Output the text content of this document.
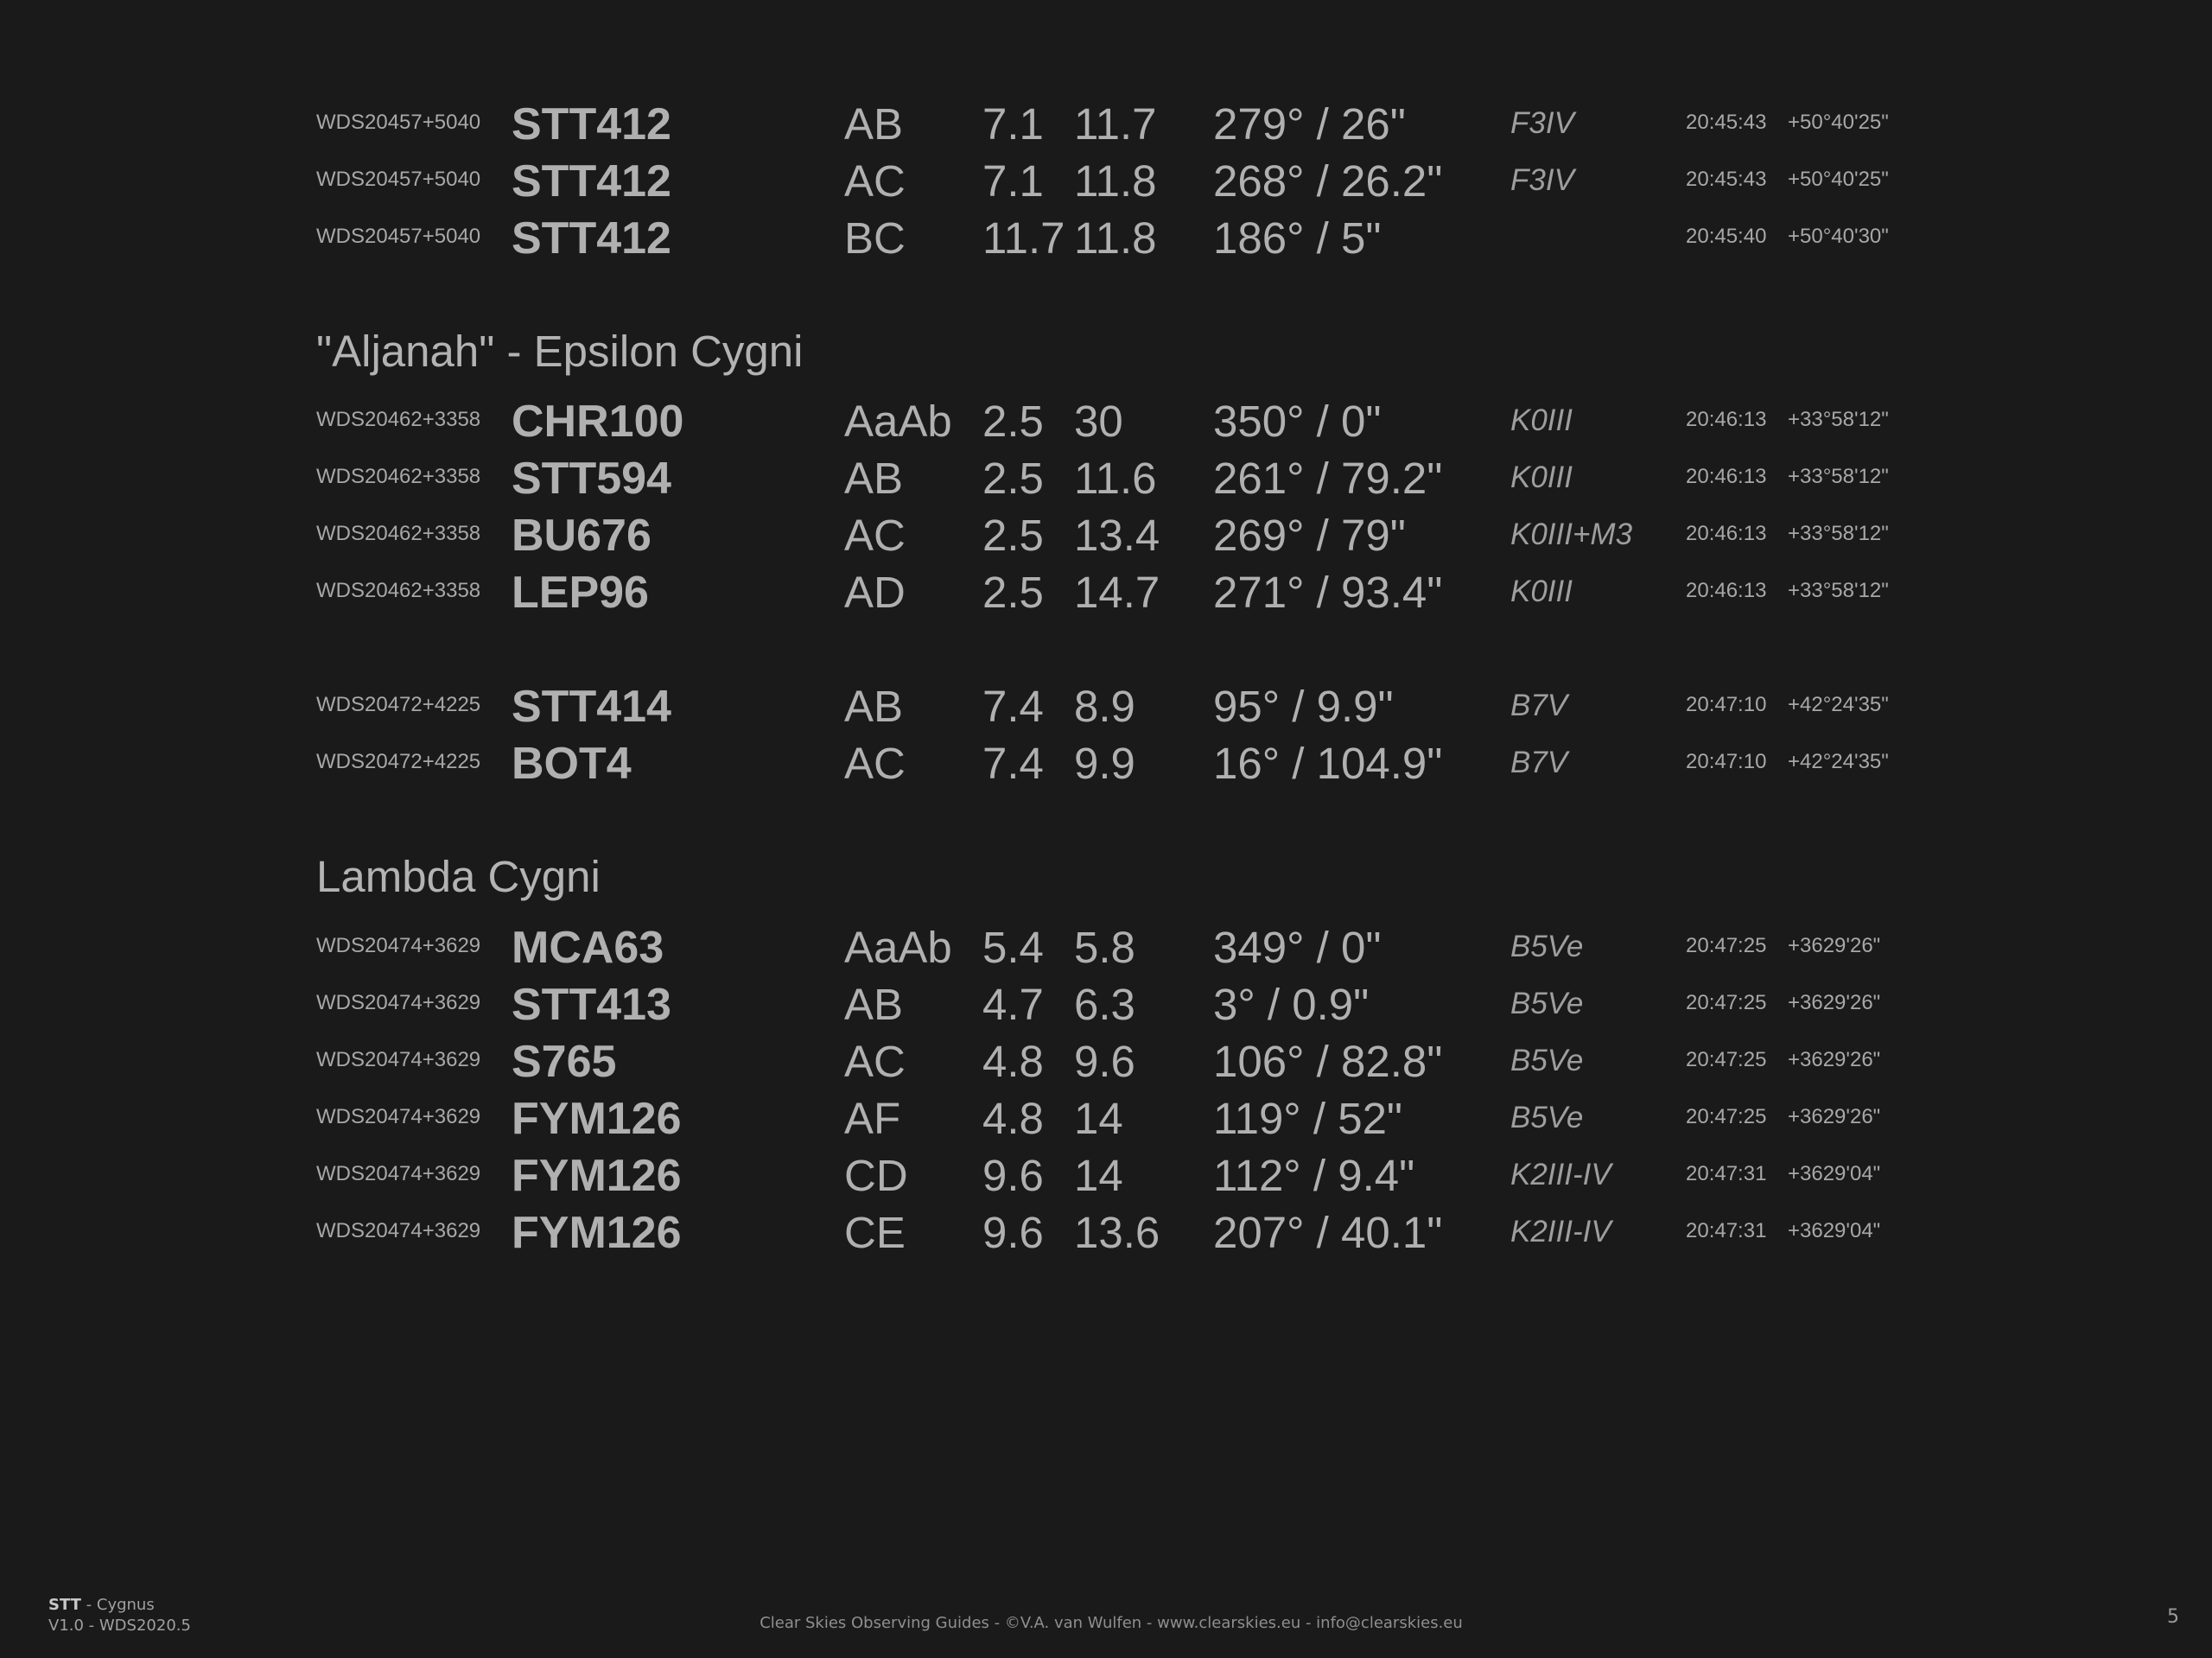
"Aljanah" - Epsilon Cygni
Lambda Cygni
WDS20457+5040 STT412	AB 7.1 11.7 279° / 26"	F3IV	20:45:43 +50°40'25"
WDS20457+5040 STT412	AC 7.1 11.8 268° / 26.2" F3IV	20:45:43 +50°40'25"
WDS20457+5040 STT412	BC 11.7 11.8 186° / 5"	20:45:40 +50°40'30"
WDS20462+3358 CHR100	AaAb 2.5 30 350° / 0"	K0III	20:46:13 +33°58'12"
WDS20462+3358 STT594	AB 2.5 11.6 261° / 79.2" K0III	20:46:13 +33°58'12"
WDS20462+3358 BU676	AC 2.5 13.4 269° / 79"	K0III+M3	20:46:13 +33°58'12"
WDS20462+3358 LEP96	AD 2.5 14.7 271° / 93.4" K0III	20:46:13 +33°58'12"
WDS20472+4225 STT414	AB 7.4 8.9 95° / 9.9"	B7V	20:47:10 +42°24'35"
WDS20472+4225 BOT4	AC 7.4 9.9 16° / 104.9" B7V	20:47:10 +42°24'35"
WDS20474+3629 MCA63	AaAb 5.4 5.8 349° / 0"	B5Ve	20:47:25 +3629'26"
WDS20474+3629 STT413	AB 4.7 6.3 3° / 0.9"	B5Ve	20:47:25 +3629'26"
WDS20474+3629 S765	AC 4.8 9.6 106° / 82.8" B5Ve	20:47:25 +3629'26"
WDS20474+3629 FYM126	AF 4.8 14 119° / 52"	B5Ve	20:47:25 +3629'26"
WDS20474+3629 FYM126	CD 9.6 14 112° / 9.4"	K2III-IV	20:47:31 +3629'04"
WDS20474+3629 FYM126	CE 9.6 13.6 207° / 40.1" K2III-IV	20:47:31 +3629'04"
STT - Cygnus
V1.0 - WDS2020.5	Clear Skies Observing Guides - ©V.A. van Wulfen - www.clearskies.eu - info@clearskies.eu	5
